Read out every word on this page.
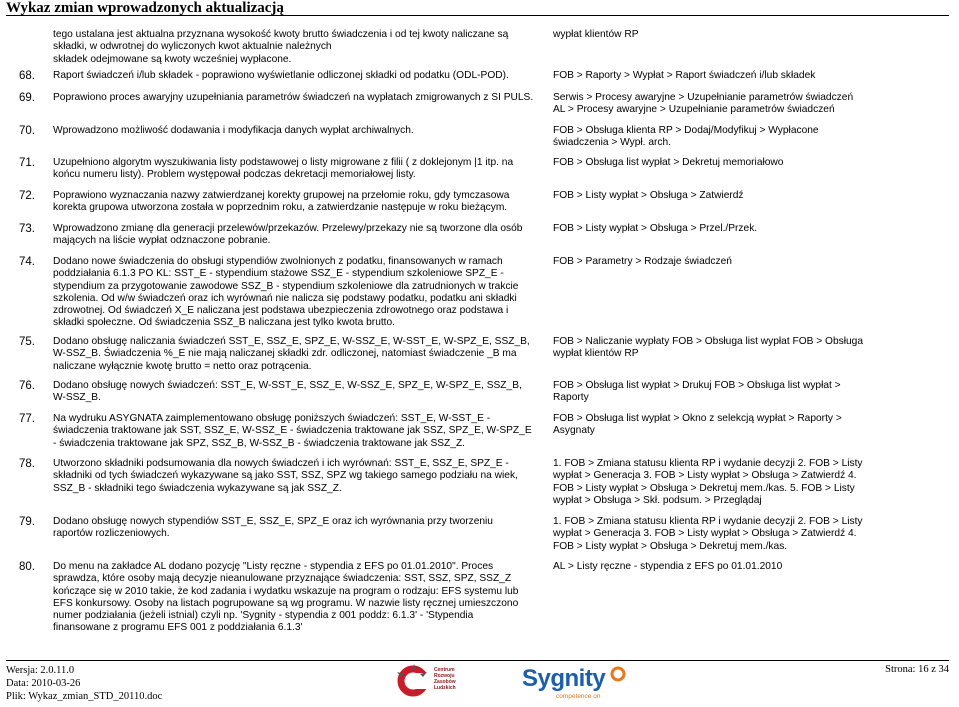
Wykaz zmian wprowadzonych aktualizacją
tego ustalana jest aktualna przyznana wysokość kwoty brutto świadczenia i od tej kwoty naliczane są
składki, w odwrotnej do wyliczonych kwot aktualnie należnych
składek odejmowane są kwoty wcześniej wypłacone.
wypłat klientów RP
68. Raport świadczeń i/lub składek - poprawiono wyświetlanie odliczonej składki od podatku (ODL-POD).	FOB > Raporty > Wypłat > Raport świadczeń i/lub składek
69. Poprawiono proces awaryjny uzupełniania parametrów świadczeń na wypłatach zmigrowanych z SI PULS.	Serwis > Procesy awaryjne > Uzupełnianie parametrów świadczeń
AL > Procesy awaryjne > Uzupełnianie parametrów świadczeń
70. Wprowadzono możliwość dodawania i modyfikacja danych wypłat archiwalnych.	FOB > Obsługa klienta RP > Dodaj/Modyfikuj > Wypłacone
świadczenia > Wypł. arch.
71. Uzupełniono algorytm wyszukiwania listy podstawowej o listy migrowane z filii ( z doklejonym |1 itp. na
końcu numeru listy). Problem występował podczas dekretacji memoriałowej listy.
FOB > Obsługa list wypłat > Dekretuj memoriałowo
72. Poprawiono wyznaczania nazwy zatwierdzanej korekty grupowej na przełomie roku, gdy tymczasowa
korekta grupowa utworzona została w poprzednim roku, a zatwierdzanie następuje w roku bieżącym.
FOB > Listy wypłat > Obsługa > Zatwierdź
73. Wprowadzono zmianę dla generacji przelewów/przekazów. Przelewy/przekazy nie są tworzone dla osób
mających na liście wypłat odznaczone pobranie.
FOB > Listy wypłat > Obsługa > Przel./Przek.
74. Dodano nowe świadczenia do obsługi stypendiów zwolnionych z podatku, finansowanych w ramach
poddziałania 6.1.3 PO KL: SST_E - stypendium stażowe SSZ_E - stypendium szkoleniowe SPZ_E -
stypendium za przygotowanie zawodowe SSZ_B - stypendium szkoleniowe dla zatrudnionych w trakcie
szkolenia. Od w/w świadczeń oraz ich wyrównań nie nalicza się podstawy podatku, podatku ani składki
zdrowotnej. Od świadczeń X_E naliczana jest podstawa ubezpieczenia zdrowotnego oraz podstawa i
składki społeczne. Od świadczenia SSZ_B naliczana jest tylko kwota brutto.
FOB > Parametry > Rodzaje świadczeń
75. Dodano obsługę naliczania świadczeń SST_E, SSZ_E, SPZ_E, W-SSZ_E, W-SST_E, W-SPZ_E, SSZ_B,
W-SSZ_B. Świadczenia %_E nie mają naliczanej składki zdr. odliczonej, natomiast świadczenie _B ma
naliczane wyłącznie kwotę brutto = netto oraz potrącenia.
FOB > Naliczanie wypłaty FOB > Obsługa list wypłat FOB > Obsługa
wypłat klientów RP
76. Dodano obsługę nowych świadczeń: SST_E, W-SST_E, SSZ_E, W-SSZ_E, SPZ_E, W-SPZ_E, SSZ_B,
W-SSZ_B.
FOB > Obsługa list wypłat > Drukuj FOB > Obsługa list wypłat >
Raporty
77. Na wydruku ASYGNATA zaimplementowano obsługę poniższych świadczeń: SST_E, W-SST_E -
świadczenia traktowane jak SST, SSZ_E, W-SSZ_E - świadczenia traktowane jak SSZ, SPZ_E, W-SPZ_E
- świadczenia traktowane jak SPZ, SSZ_B, W-SSZ_B - świadczenia traktowane jak SSZ_Z.
FOB > Obsługa list wypłat > Okno z selekcją wypłat > Raporty >
Asygnaty
78. Utworzono składniki podsumowania dla nowych świadczeń i ich wyrównań: SST_E, SSZ_E, SPZ_E -
składniki od tych świadczeń wykazywane są jako SST, SSZ, SPZ wg takiego samego podziału na wiek,
SSZ_B - składniki tego świadczenia wykazywane są jak SSZ_Z.
1. FOB > Zmiana statusu klienta RP i wydanie decyzji 2. FOB > Listy
wypłat > Generacja 3. FOB > Listy wypłat > Obsługa > Zatwierdź 4.
FOB > Listy wypłat > Obsługa > Dekretuj mem./kas. 5. FOB > Listy
wypłat > Obsługa > Skł. podsum. > Przeglądaj
79. Dodano obsługę nowych stypendiów SST_E, SSZ_E, SPZ_E oraz ich wyrównania przy tworzeniu
raportów rozliczeniowych.
1. FOB > Zmiana statusu klienta RP i wydanie decyzji 2. FOB > Listy
wypłat > Generacja 3. FOB > Listy wypłat > Obsługa > Zatwierdź 4.
FOB > Listy wypłat > Obsługa > Dekretuj mem./kas.
80. Do menu na zakładce AL dodano pozycję "Listy ręczne - stypendia z EFS po 01.01.2010". Proces
sprawdza, które osoby mają decyzje nieanulowane przyznające świadczenia: SST, SSZ, SPZ, SSZ_Z
kończące się w 2010 takie, że kod zadania i wydatku wskazuje na program o rodzaju: EFS systemu lub
EFS konkursowy. Osoby na listach pogrupowane są wg programu. W nazwie listy ręcznej umieszczono
numer podziałania (jeżeli istnial) czyli np. 'Sygnity - stypendia z 001 poddz: 6.1.3' - 'Stypendia
finansowane z programu EFS 001 z poddziałania 6.1.3'
AL > Listy ręczne - stypendia z EFS po 01.01.2010
Wersja: 2.0.11.0
Data: 2010-03-26
Plik: Wykaz_zmian_STD_20110.doc
Centrum
Rozwoju
Zasobów
Ludzkich	Sygnity
competence on
Strona: 16 z 34
